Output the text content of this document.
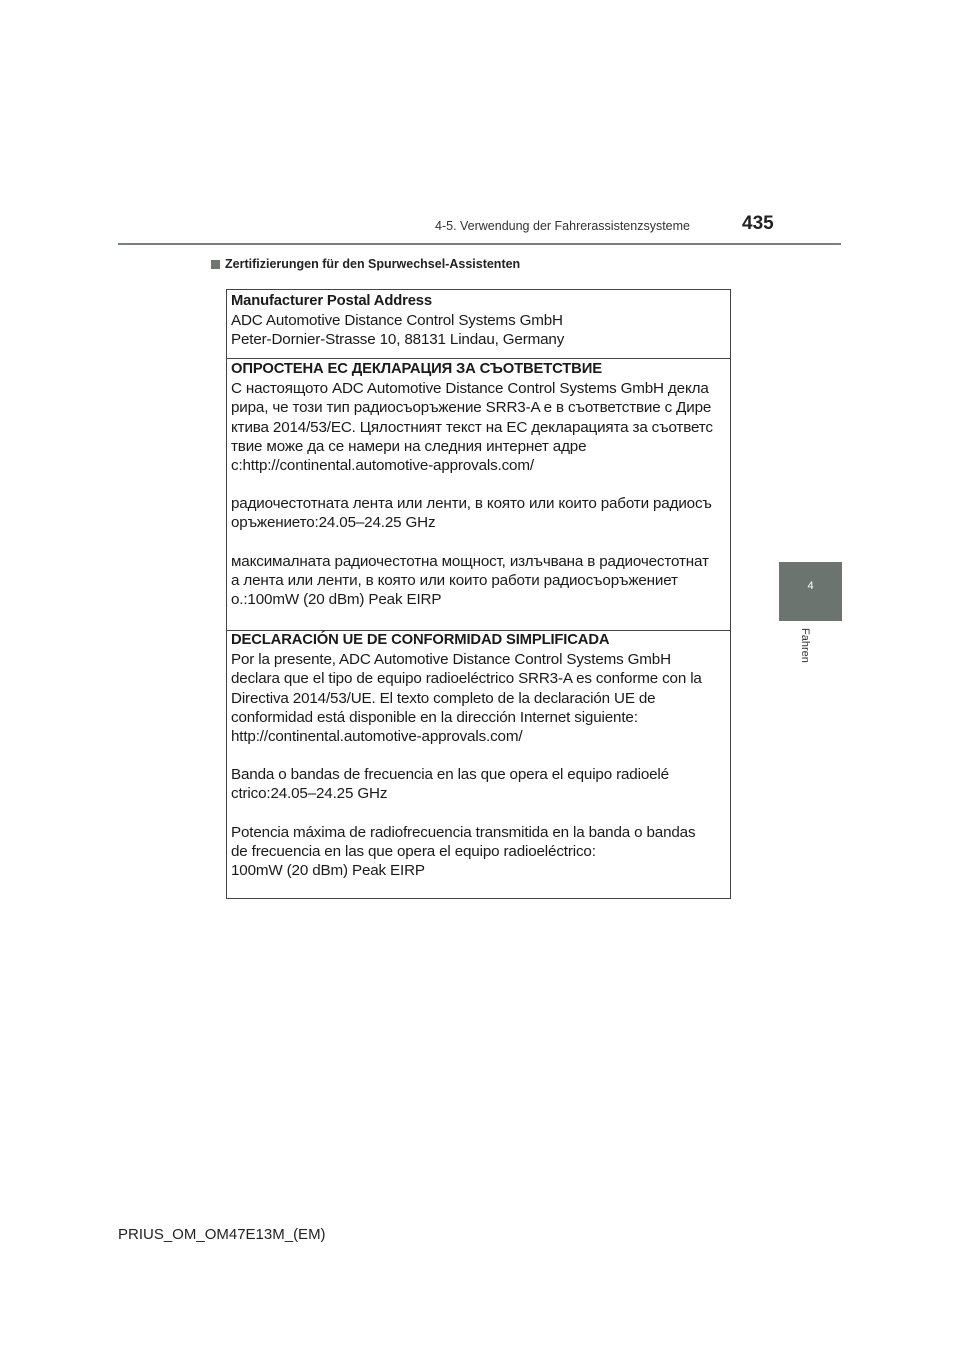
4-5. Verwendung der Fahrerassistenzsysteme	435
4
Fahren
Zertifizierungen für den Spurwechsel-Assistenten
Manufacturer Postal Address
ADC Automotive Distance Control Systems GmbH
Peter-Dornier-Strasse 10, 88131 Lindau, Germany
ОПРОСТЕНА ЕС ДЕКЛАРАЦИЯ ЗА СЪОТВЕТСТВИЕ
С настоящото ADC Automotive Distance Control Systems GmbH декла
рира, че този тип радиосъоръжение SRR3-A е в съответствие с Дире
ктива 2014/53/ЕС. Цялостният текст на ЕС декларацията за съответс
твие може да се намери на следния интернет адре
c:http://continental.automotive-approvals.com/
радиочестотната лента или ленти, в която или които работи радиосъ
оръжението:24.05–24.25 GHz
максималната радиочестотна мощност, излъчвана в радиочестотнат
а лента или ленти, в която или които работи радиосъоръжениет
о.:100mW (20 dBm) Peak EIRP
DECLARACIÓN UE DE CONFORMIDAD SIMPLIFICADA
Por la presente, ADC Automotive Distance Control Systems GmbH
declara que el tipo de equipo radioeléctrico SRR3-A es conforme con la
Directiva 2014/53/UE. El texto completo de la declaración UE de
conformidad está disponible en la dirección Internet siguiente:
http://continental.automotive-approvals.com/
Banda o bandas de frecuencia en las que opera el equipo radioelé
ctrico:24.05–24.25 GHz
Potencia máxima de radiofrecuencia transmitida en la banda o bandas
de frecuencia en las que opera el equipo radioeléctrico:
100mW (20 dBm) Peak EIRP
PRIUS_OM_OM47E13M_(EM)
